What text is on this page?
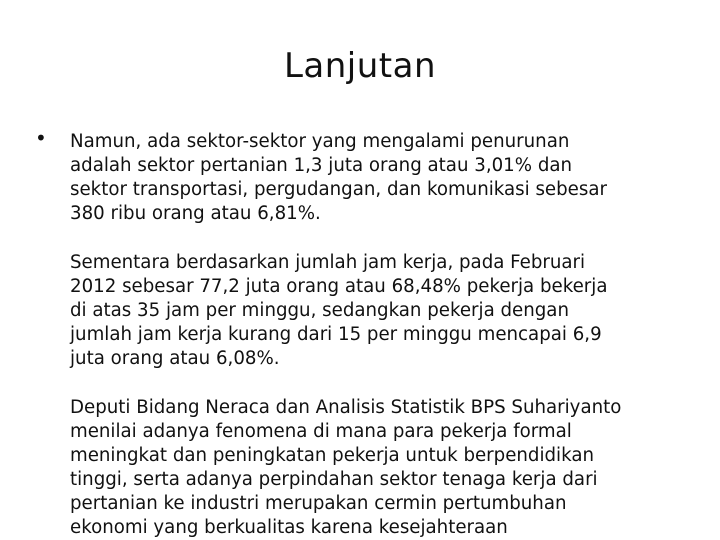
Lanjutan
• Namun, ada sektor-sektor yang mengalami penurunan
adalah sektor pertanian 1,3 juta orang atau 3,01% dan
sektor transportasi, pergudangan, dan komunikasi sebesar
380 ribu orang atau 6,81%.

Sementara berdasarkan jumlah jam kerja, pada Februari
2012 sebesar 77,2 juta orang atau 68,48% pekerja bekerja
di atas 35 jam per minggu, sedangkan pekerja dengan
jumlah jam kerja kurang dari 15 per minggu mencapai 6,9
juta orang atau 6,08%.

Deputi Bidang Neraca dan Analisis Statistik BPS Suhariyanto
menilai adanya fenomena di mana para pekerja formal
meningkat dan peningkatan pekerja untuk berpendidikan
tinggi, serta adanya perpindahan sektor tenaga kerja dari
pertanian ke industri merupakan cermin pertumbuhan
ekonomi yang berkualitas karena kesejahteraan
